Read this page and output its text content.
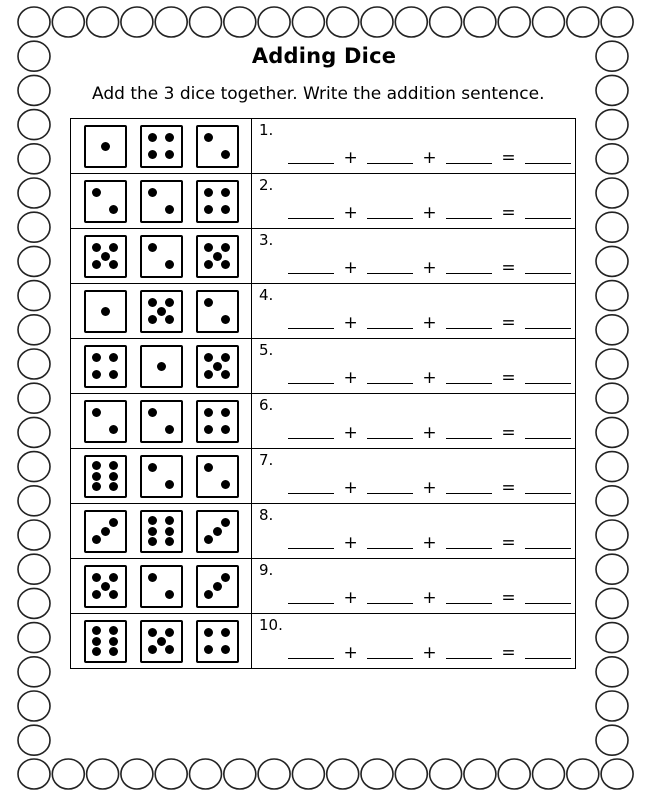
Adding Dice
Add the 3 dice together. Write the addition sentence.

	1.
+ + =

	2.
+ + =

	3.
+ + =

	4.
+ + =

	5.
+ + =

	6.
+ + =

	7.
+ + =

	8.
+ + =

	9.
+ + =

	10.
+ + =
